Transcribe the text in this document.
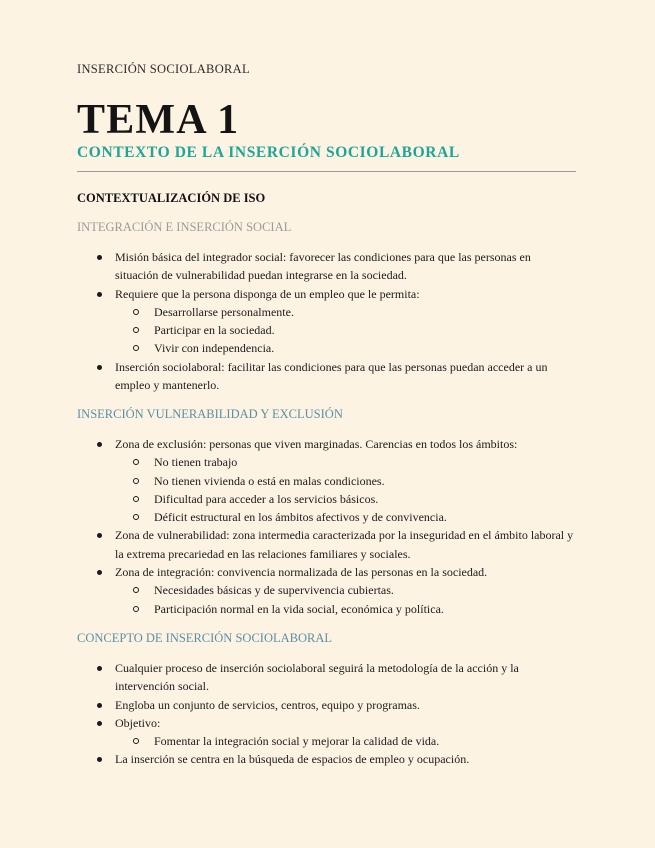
INSERCIÓN SOCIOLABORAL
TEMA 1
CONTEXTO DE LA INSERCIÓN SOCIOLABORAL
CONTEXTUALIZACIÓN DE ISO
INTEGRACIÓN E INSERCIÓN SOCIAL
Misión básica del integrador social: favorecer las condiciones para que las personas en situación de vulnerabilidad puedan integrarse en la sociedad.
Requiere que la persona disponga de un empleo que le permita:
Desarrollarse personalmente.
Participar en la sociedad.
Vivir con independencia.
Inserción sociolaboral: facilitar las condiciones para que las personas puedan acceder a un empleo y mantenerlo.
INSERCIÓN VULNERABILIDAD Y EXCLUSIÓN
Zona de exclusión: personas que viven marginadas. Carencias en todos los ámbitos:
No tienen trabajo
No tienen vivienda o está en malas condiciones.
Dificultad para acceder a los servicios básicos.
Déficit estructural en los ámbitos afectivos y de convivencia.
Zona de vulnerabilidad: zona intermedia caracterizada por la inseguridad en el ámbito laboral y la extrema precariedad en las relaciones familiares y sociales.
Zona de integración: convivencia normalizada de las personas en la sociedad.
Necesidades básicas y de supervivencia cubiertas.
Participación normal en la vida social, económica y política.
CONCEPTO DE INSERCIÓN SOCIOLABORAL
Cualquier proceso de inserción sociolaboral seguirá la metodología de la acción y la intervención social.
Engloba un conjunto de servicios, centros, equipo y programas.
Objetivo:
Fomentar la integración social y mejorar la calidad de vida.
La inserción se centra en la búsqueda de espacios de empleo y ocupación.
